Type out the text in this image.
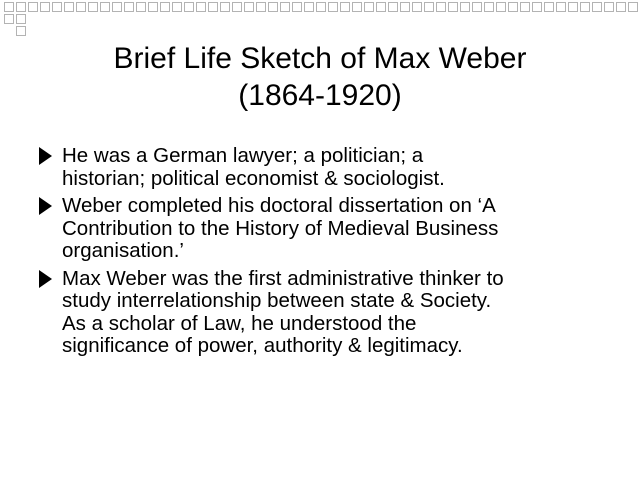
Brief Life Sketch of Max Weber
(1864-1920)
He was a German lawyer; a politician; a
historian; political economist & sociologist.
Weber completed his doctoral dissertation on ‘A
Contribution to the History of Medieval Business
organisation.’
Max Weber was the first administrative thinker to
study interrelationship between state & Society.
As a scholar of Law, he understood the
significance of power, authority & legitimacy.
